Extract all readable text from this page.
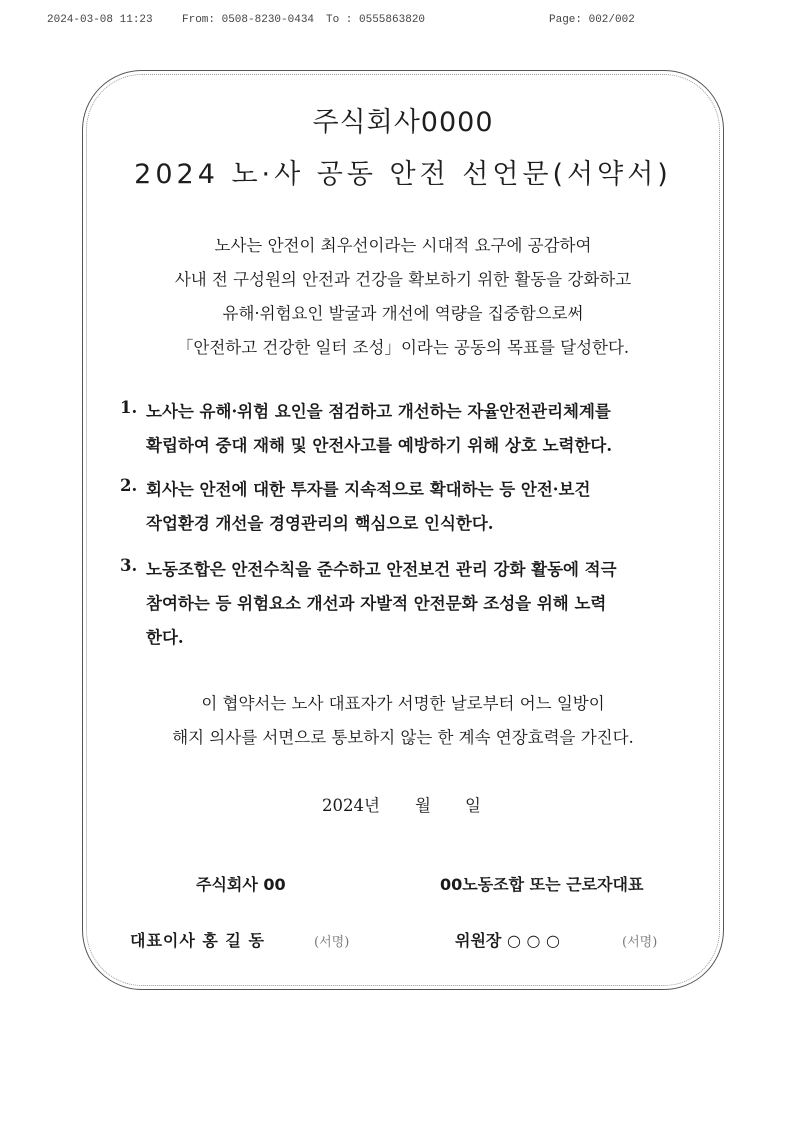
2024-03-08 11:23	From: 0508-8230-0434 To : 0555863820	Page: 002/002
주식회사0000
2024 노·사 공동 안전 선언문(서약서)
노사는 안전이 최우선이라는 시대적 요구에 공감하여
사내 전 구성원의 안전과 건강을 확보하기 위한 활동을 강화하고
유해·위험요인 발굴과 개선에 역량을 집중함으로써
「안전하고 건강한 일터 조성」이라는 공동의 목표를 달성한다.
1. 노사는 유해·위험 요인을 점검하고 개선하는 자율안전관리체계를
확립하여 중대 재해 및 안전사고를 예방하기 위해 상호 노력한다.
2. 회사는 안전에 대한 투자를 지속적으로 확대하는 등 안전·보건
작업환경 개선을 경영관리의 핵심으로 인식한다.
3. 노동조합은 안전수칙을 준수하고 안전보건 관리 강화 활동에 적극
참여하는 등 위험요소 개선과 자발적 안전문화 조성을 위해 노력
한다.
이 협약서는 노사 대표자가 서명한 날로부터 어느 일방이
해지 의사를 서면으로 통보하지 않는 한 계속 연장효력을 가진다.
2024년 월 일
주식회사 00	00노동조합 또는 근로자대표
대표이사 홍 길 동	(서명)	위원장 ○ ○ ○	(서명)
